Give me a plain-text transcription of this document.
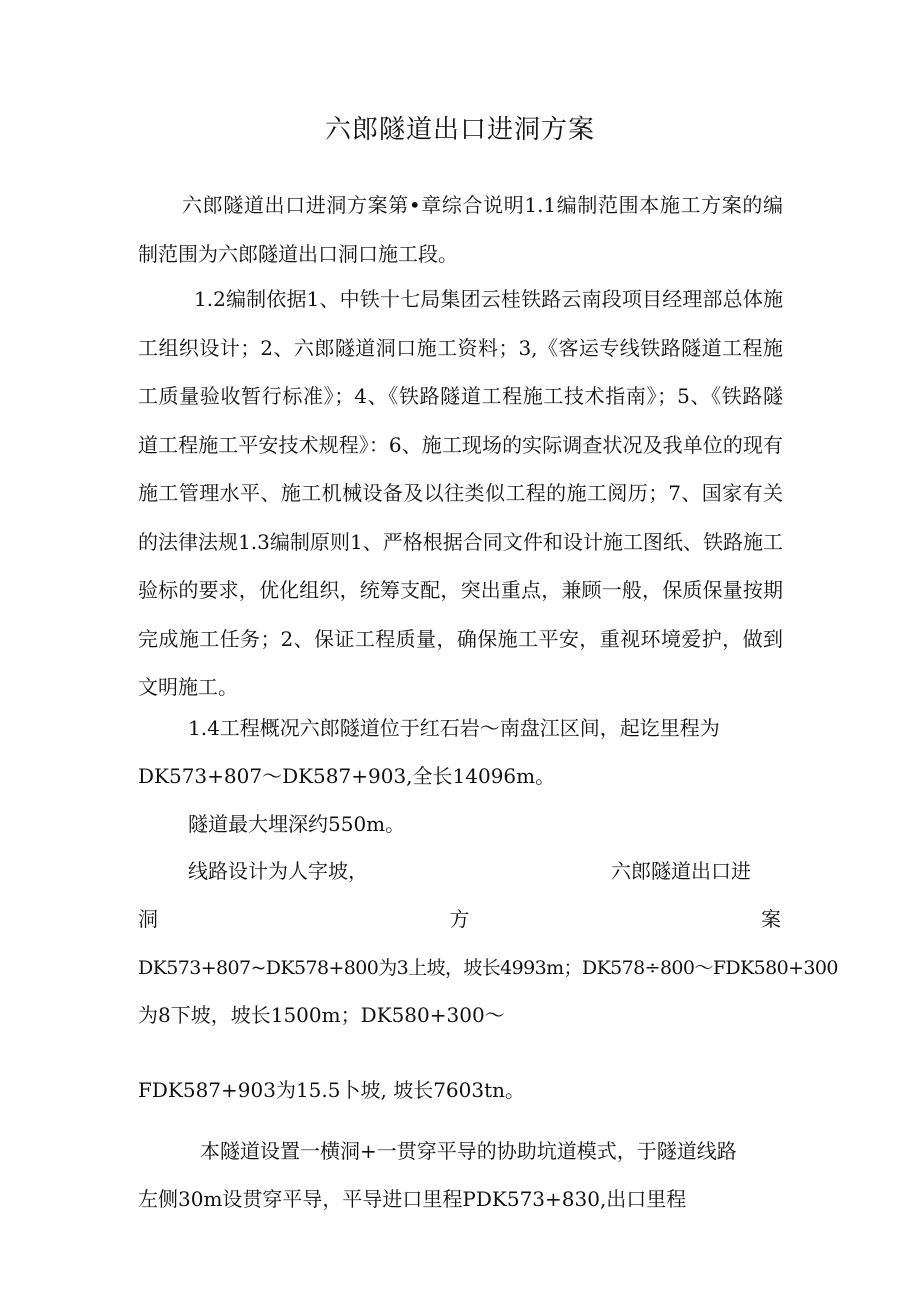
六郎隧道出口进洞方案

六郎隧道出口进洞方案第•章综合说明1.1编制范围本施工方案的编制范围为六郎隧道出口洞口施工段。

1.2编制依据1、中铁十七局集团云桂铁路云南段项目经理部总体施工组织设计；2、六郎隧道洞口施工资料；3,《客运专线铁路隧道工程施工质量验收暂行标准》；4、《铁路隧道工程施工技术指南》；5、《铁路隧道工程施工平安技术规程》：6、施工现场的实际调查状况及我单位的现有施工管理水平、施工机械设备及以往类似工程的施工阅历；7、国家有关的法律法规1.3编制原则1、严格根据合同文件和设计施工图纸、铁路施工验标的要求，优化组织，统筹支配，突出重点，兼顾一般，保质保量按期完成施工任务；2、保证工程质量，确保施工平安，重视环境爱护，做到文明施工。

1.4工程概况六郎隧道位于红石岩～南盘江区间，起讫里程为
DK573+807～DK587+903,全长14096m。
隧道最大埋深约550m。
线路设计为人字坡，	六郎隧道出口进
洞	方	案
DK573+807~DK578+800为3上坡，坡长4993m；DK578÷800～FDK580+300
为8下坡，坡长1500m；DK580+300～
FDK587+903为15.5卜坡, 坡长7603tn。
本隧道设置一横洞+一贯穿平导的协助坑道模式，于隧道线路
左侧30m设贯穿平导，平导进口里程PDK573+830,出口里程
